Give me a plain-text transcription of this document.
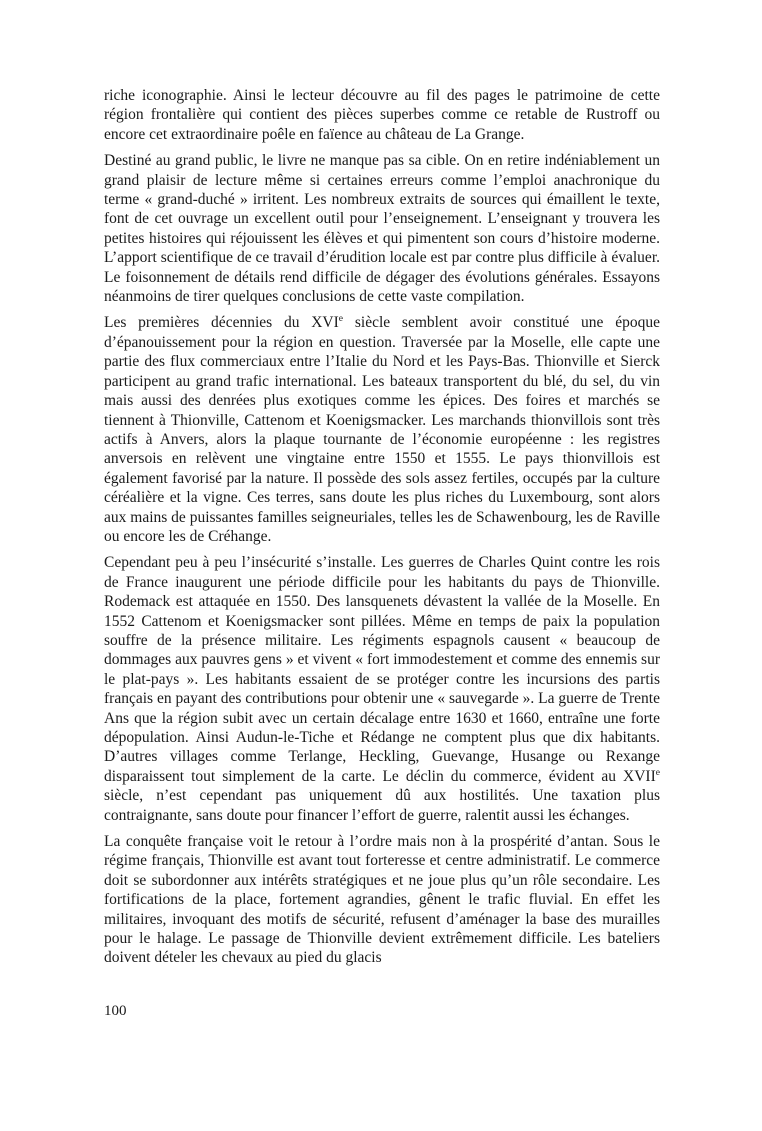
riche iconographie. Ainsi le lecteur découvre au fil des pages le patrimoine de cette région frontalière qui contient des pièces superbes comme ce retable de Rustroff ou encore cet extraordinaire poêle en faïence au château de La Grange.

Destiné au grand public, le livre ne manque pas sa cible. On en retire indéniablement un grand plaisir de lecture même si certaines erreurs comme l’emploi anachronique du terme « grand-duché » irritent. Les nombreux extraits de sources qui émaillent le texte, font de cet ouvrage un excellent outil pour l’enseignement. L’enseignant y trouvera les petites histoires qui réjouissent les élèves et qui pimentent son cours d’histoire moderne. L’apport scientifique de ce travail d’érudition locale est par contre plus difficile à évaluer. Le foisonnement de détails rend difficile de dégager des évolutions générales. Essayons néanmoins de tirer quelques conclusions de cette vaste compilation.

Les premières décennies du XVIe siècle semblent avoir constitué une époque d’épanouissement pour la région en question. Traversée par la Moselle, elle capte une partie des flux commerciaux entre l’Italie du Nord et les Pays-Bas. Thionville et Sierck participent au grand trafic international. Les bateaux transportent du blé, du sel, du vin mais aussi des denrées plus exotiques comme les épices. Des foires et marchés se tiennent à Thionville, Cattenom et Koenigsmacker. Les marchands thionvillois sont très actifs à Anvers, alors la plaque tournante de l’économie européenne : les registres anversois en relèvent une vingtaine entre 1550 et 1555. Le pays thionvillois est également favorisé par la nature. Il possède des sols assez fertiles, occupés par la culture céréalière et la vigne. Ces terres, sans doute les plus riches du Luxembourg, sont alors aux mains de puissantes familles seigneuriales, telles les de Schawenbourg, les de Raville ou encore les de Créhange.

Cependant peu à peu l’insécurité s’installe. Les guerres de Charles Quint contre les rois de France inaugurent une période difficile pour les habitants du pays de Thionville. Rodemack est attaquée en 1550. Des lansquenets dévastent la vallée de la Moselle. En 1552 Cattenom et Koenigsmacker sont pillées. Même en temps de paix la population souffre de la présence militaire. Les régiments espagnols causent « beaucoup de dommages aux pauvres gens » et vivent « fort immodestement et comme des ennemis sur le plat-pays ». Les habitants essaient de se protéger contre les incursions des partis français en payant des contributions pour obtenir une « sauvegarde ». La guerre de Trente Ans que la région subit avec un certain décalage entre 1630 et 1660, entraîne une forte dépopulation. Ainsi Audun-le-Tiche et Rédange ne comptent plus que dix habitants. D’autres villages comme Terlange, Heckling, Guevange, Husange ou Rexange disparaissent tout simplement de la carte. Le déclin du commerce, évident au XVIIe siècle, n’est cependant pas uniquement dû aux hostilités. Une taxation plus contraignante, sans doute pour financer l’effort de guerre, ralentit aussi les échanges.

La conquête française voit le retour à l’ordre mais non à la prospérité d’antan. Sous le régime français, Thionville est avant tout forteresse et centre administratif. Le commerce doit se subordonner aux intérêts stratégiques et ne joue plus qu’un rôle secondaire. Les fortifications de la place, fortement agrandies, gênent le trafic fluvial. En effet les militaires, invoquant des motifs de sécurité, refusent d’aménager la base des murailles pour le halage. Le passage de Thionville devient extrêmement difficile. Les bateliers doivent dételer les chevaux au pied du glacis

100
